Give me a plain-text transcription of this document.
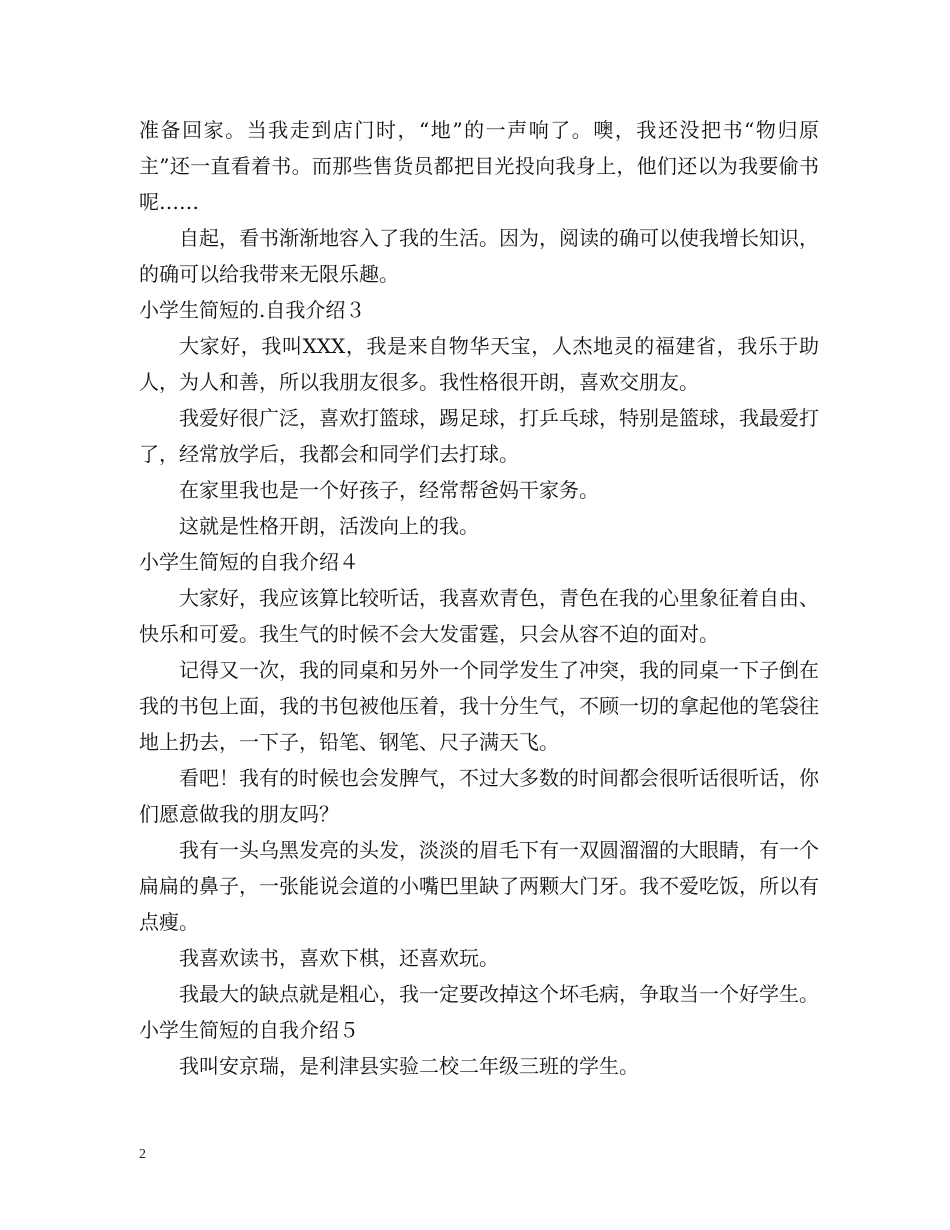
准备回家。当我走到店门时，“地”的一声响了。噢，我还没把书“物归原主”还一直看着书。而那些售货员都把目光投向我身上，他们还以为我要偷书呢……

自起，看书渐渐地容入了我的生活。因为，阅读的确可以使我增长知识，的确可以给我带来无限乐趣。

小学生简短的.自我介绍３

大家好，我叫XXX，我是来自物华天宝，人杰地灵的福建省，我乐于助人，为人和善，所以我朋友很多。我性格很开朗，喜欢交朋友。

我爱好很广泛，喜欢打篮球，踢足球，打乒乓球，特别是篮球，我最爱打了，经常放学后，我都会和同学们去打球。

在家里我也是一个好孩子，经常帮爸妈干家务。

这就是性格开朗，活泼向上的我。

小学生简短的自我介绍４

大家好，我应该算比较听话，我喜欢青色，青色在我的心里象征着自由、快乐和可爱。我生气的时候不会大发雷霆，只会从容不迫的面对。

记得又一次，我的同桌和另外一个同学发生了冲突，我的同桌一下子倒在我的书包上面，我的书包被他压着，我十分生气，不顾一切的拿起他的笔袋往地上扔去，一下子，铅笔、钢笔、尺子满天飞。

看吧！我有的时候也会发脾气，不过大多数的时间都会很听话很听话，你们愿意做我的朋友吗？

我有一头乌黑发亮的头发，淡淡的眉毛下有一双圆溜溜的大眼睛，有一个扁扁的鼻子，一张能说会道的小嘴巴里缺了两颗大门牙。我不爱吃饭，所以有点瘦。

我喜欢读书，喜欢下棋，还喜欢玩。

我最大的缺点就是粗心，我一定要改掉这个坏毛病，争取当一个好学生。

小学生简短的自我介绍５

我叫安京瑞，是利津县实验二校二年级三班的学生。

2
